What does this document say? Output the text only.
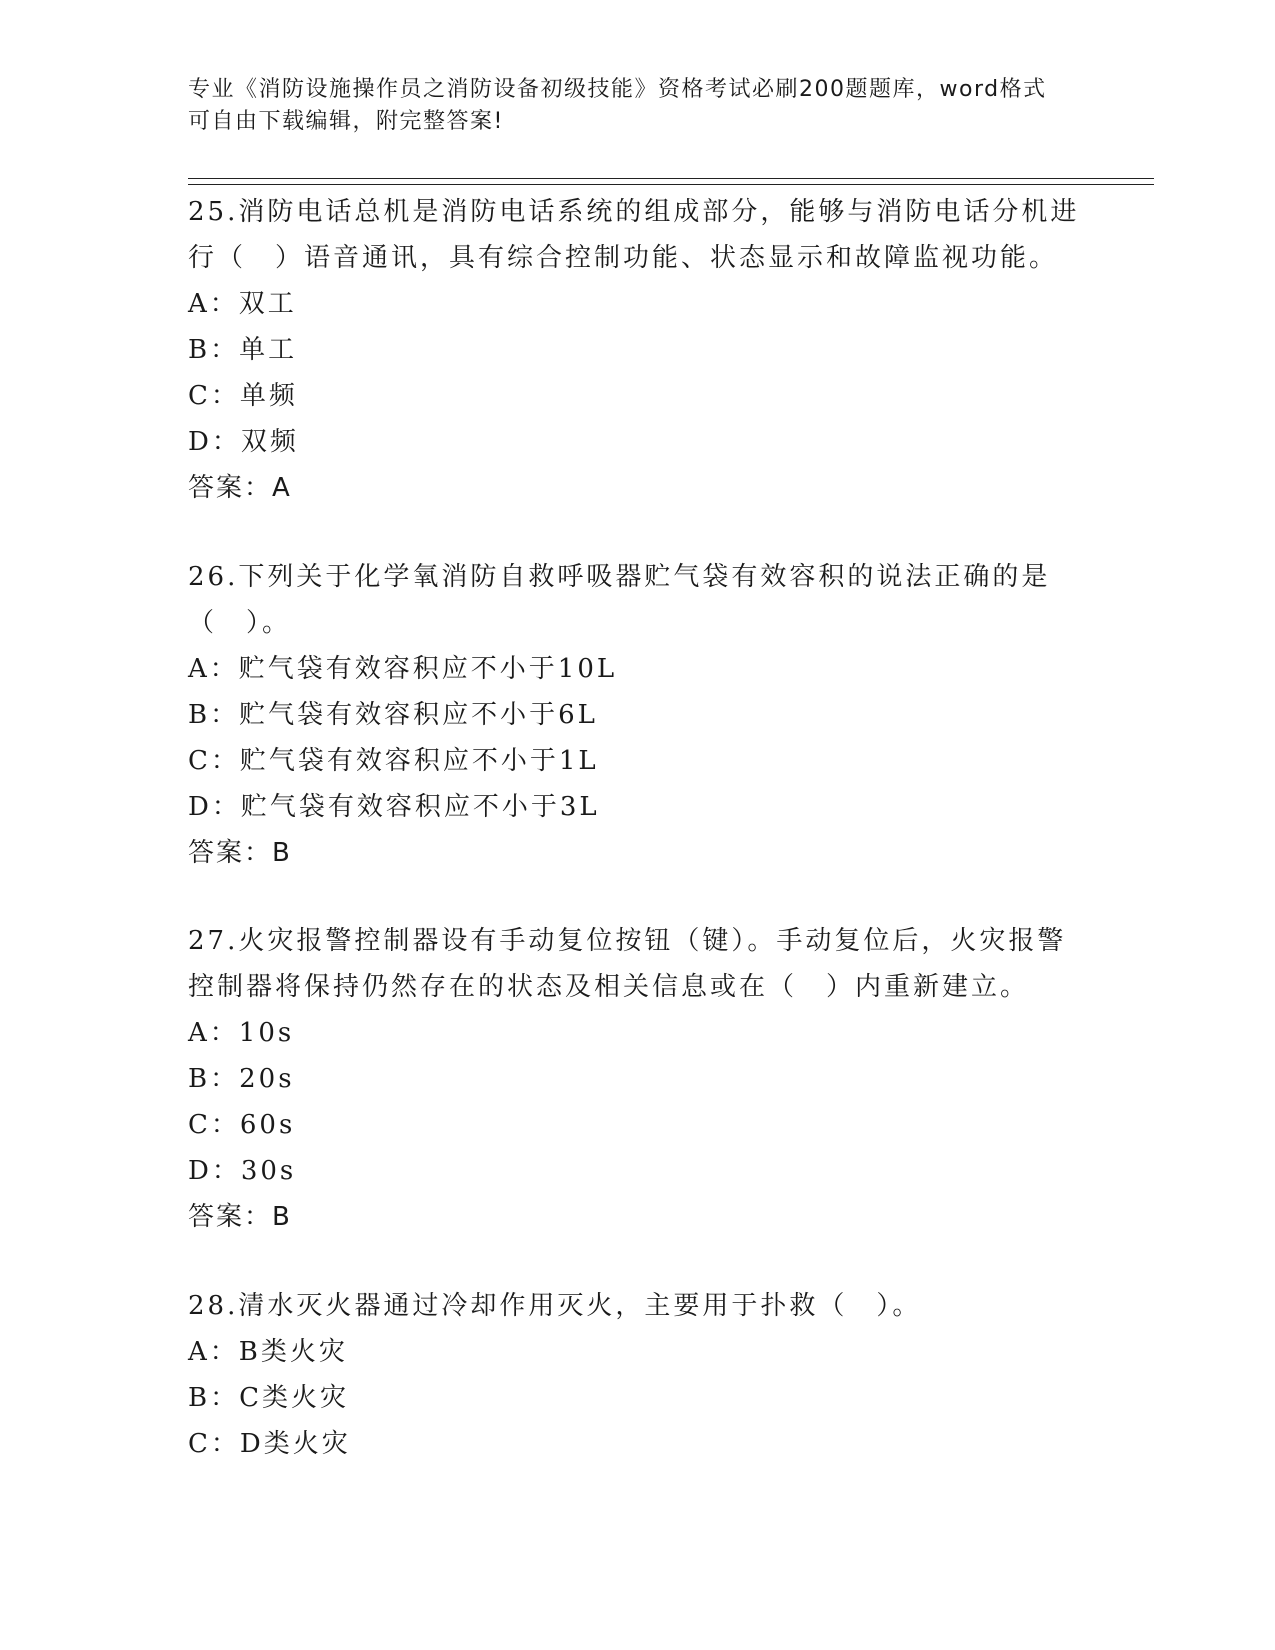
专业《消防设施操作员之消防设备初级技能》资格考试必刷200题题库，word格式可自由下载编辑，附完整答案!

25.消防电话总机是消防电话系统的组成部分，能够与消防电话分机进行（　）语音通讯，具有综合控制功能、状态显示和故障监视功能。

A：双工

B：单工

C：单频

D：双频

答案：A

26.下列关于化学氧消防自救呼吸器贮气袋有效容积的说法正确的是（　）。

A：贮气袋有效容积应不小于10L

B：贮气袋有效容积应不小于6L

C：贮气袋有效容积应不小于1L

D：贮气袋有效容积应不小于3L

答案：B

27.火灾报警控制器设有手动复位按钮（键）。手动复位后，火灾报警控制器将保持仍然存在的状态及相关信息或在（　）内重新建立。

A：10s

B：20s

C：60s

D：30s

答案：B

28.清水灭火器通过冷却作用灭火，主要用于扑救（　）。

A：B类火灾

B：C类火灾

C：D类火灾
